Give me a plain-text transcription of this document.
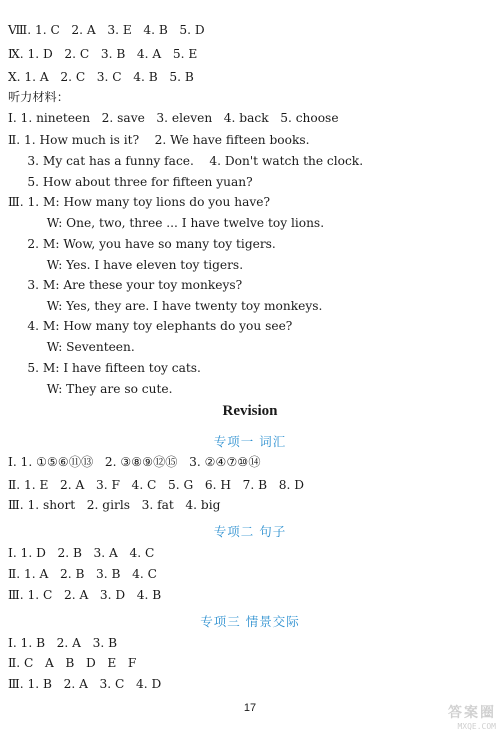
Ⅷ. 1. C   2. A   3. E   4. B   5. D
Ⅸ. 1. D   2. C   3. B   4. A   5. E
Ⅹ. 1. A   2. C   3. C   4. B   5. B
听力材料：
Ⅰ. 1. nineteen   2. save   3. eleven   4. back   5. choose
Ⅱ. 1. How much is it?    2. We have fifteen books.
3. My cat has a funny face.    4. Don't watch the clock.
5. How about three for fifteen yuan?
Ⅲ. 1. M: How many toy lions do you have?
W: One, two, three ... I have twelve toy lions.
2. M: Wow, you have so many toy tigers.
W: Yes. I have eleven toy tigers.
3. M: Are these your toy monkeys?
W: Yes, they are. I have twenty toy monkeys.
4. M: How many toy elephants do you see?
W: Seventeen.
5. M: I have fifteen toy cats.
W: They are so cute.
Revision
专项一 词汇
Ⅰ. 1. ①⑤⑥⑪⑬   2. ③⑧⑨⑫⑮   3. ②④⑦⑩⑭
Ⅱ. 1. E   2. A   3. F   4. C   5. G   6. H   7. B   8. D
Ⅲ. 1. short   2. girls   3. fat   4. big
专项二 句子
Ⅰ. 1. D   2. B   3. A   4. C
Ⅱ. 1. A   2. B   3. B   4. C
Ⅲ. 1. C   2. A   3. D   4. B
专项三 情景交际
Ⅰ. 1. B   2. A   3. B
Ⅱ. C   A   B   D   E   F
Ⅲ. 1. B   2. A   3. C   4. D
17	答案圈
MXQE.COM
